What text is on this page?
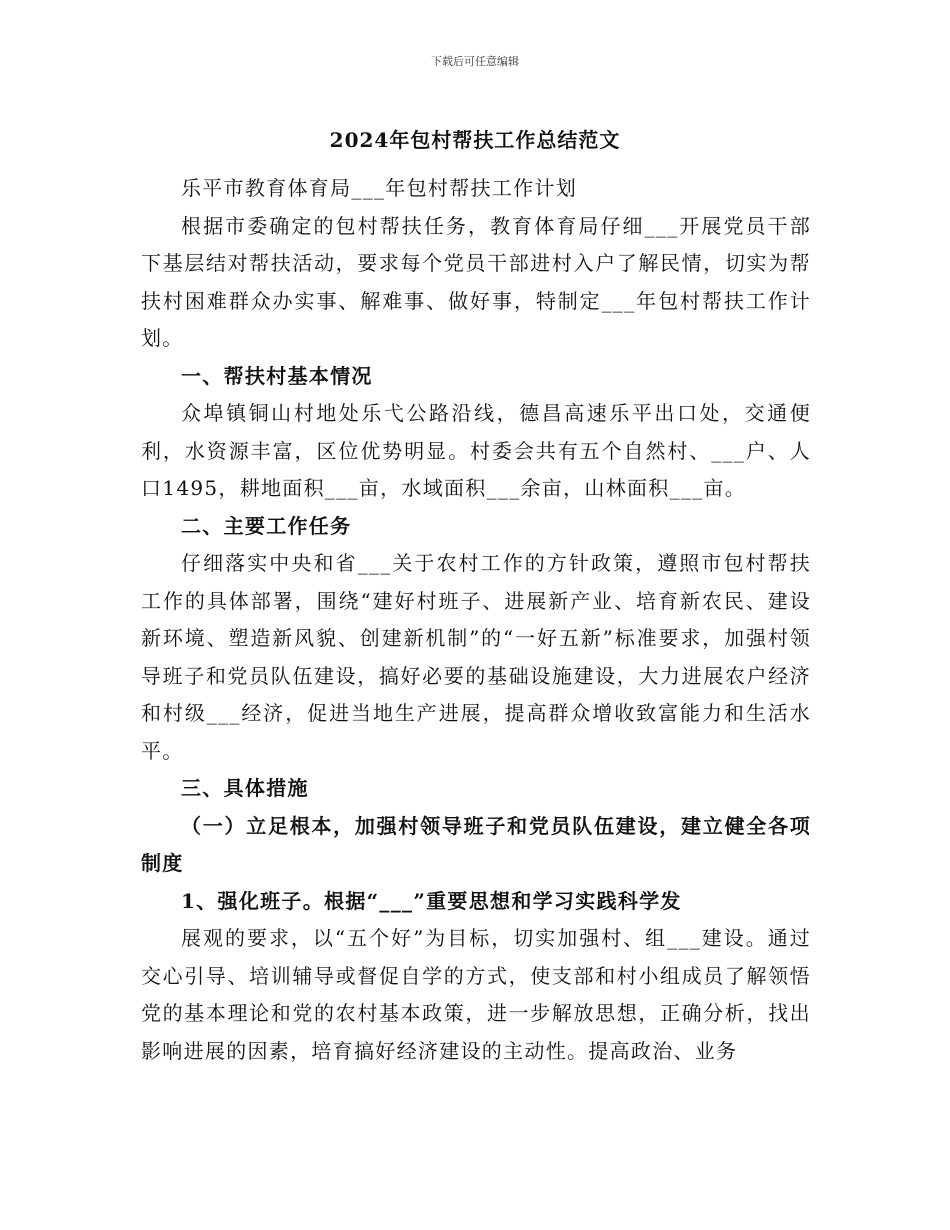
下载后可任意编辑
2024年包村帮扶工作总结范文

乐平市教育体育局___年包村帮扶工作计划

根据市委确定的包村帮扶任务，教育体育局仔细___开展党员干部下基层结对帮扶活动，要求每个党员干部进村入户了解民情，切实为帮扶村困难群众办实事、解难事、做好事，特制定___年包村帮扶工作计划。

一、帮扶村基本情况

众埠镇铜山村地处乐弋公路沿线，德昌高速乐平出口处，交通便利，水资源丰富，区位优势明显。村委会共有五个自然村、___户、人口1495，耕地面积___亩，水域面积___余亩，山林面积___亩。

二、主要工作任务

仔细落实中央和省___关于农村工作的方针政策，遵照市包村帮扶工作的具体部署，围绕“建好村班子、进展新产业、培育新农民、建设新环境、塑造新风貌、创建新机制”的“一好五新”标准要求，加强村领导班子和党员队伍建设，搞好必要的基础设施建设，大力进展农户经济和村级___经济，促进当地生产进展，提高群众增收致富能力和生活水平。

三、具体措施

（一）立足根本，加强村领导班子和党员队伍建设，建立健全各项制度

1、强化班子。根据“___”重要思想和学习实践科学发

展观的要求，以“五个好”为目标，切实加强村、组___建设。通过交心引导、培训辅导或督促自学的方式，使支部和村小组成员了解领悟党的基本理论和党的农村基本政策，进一步解放思想，正确分析，找出影响进展的因素，培育搞好经济建设的主动性。提高政治、业务
